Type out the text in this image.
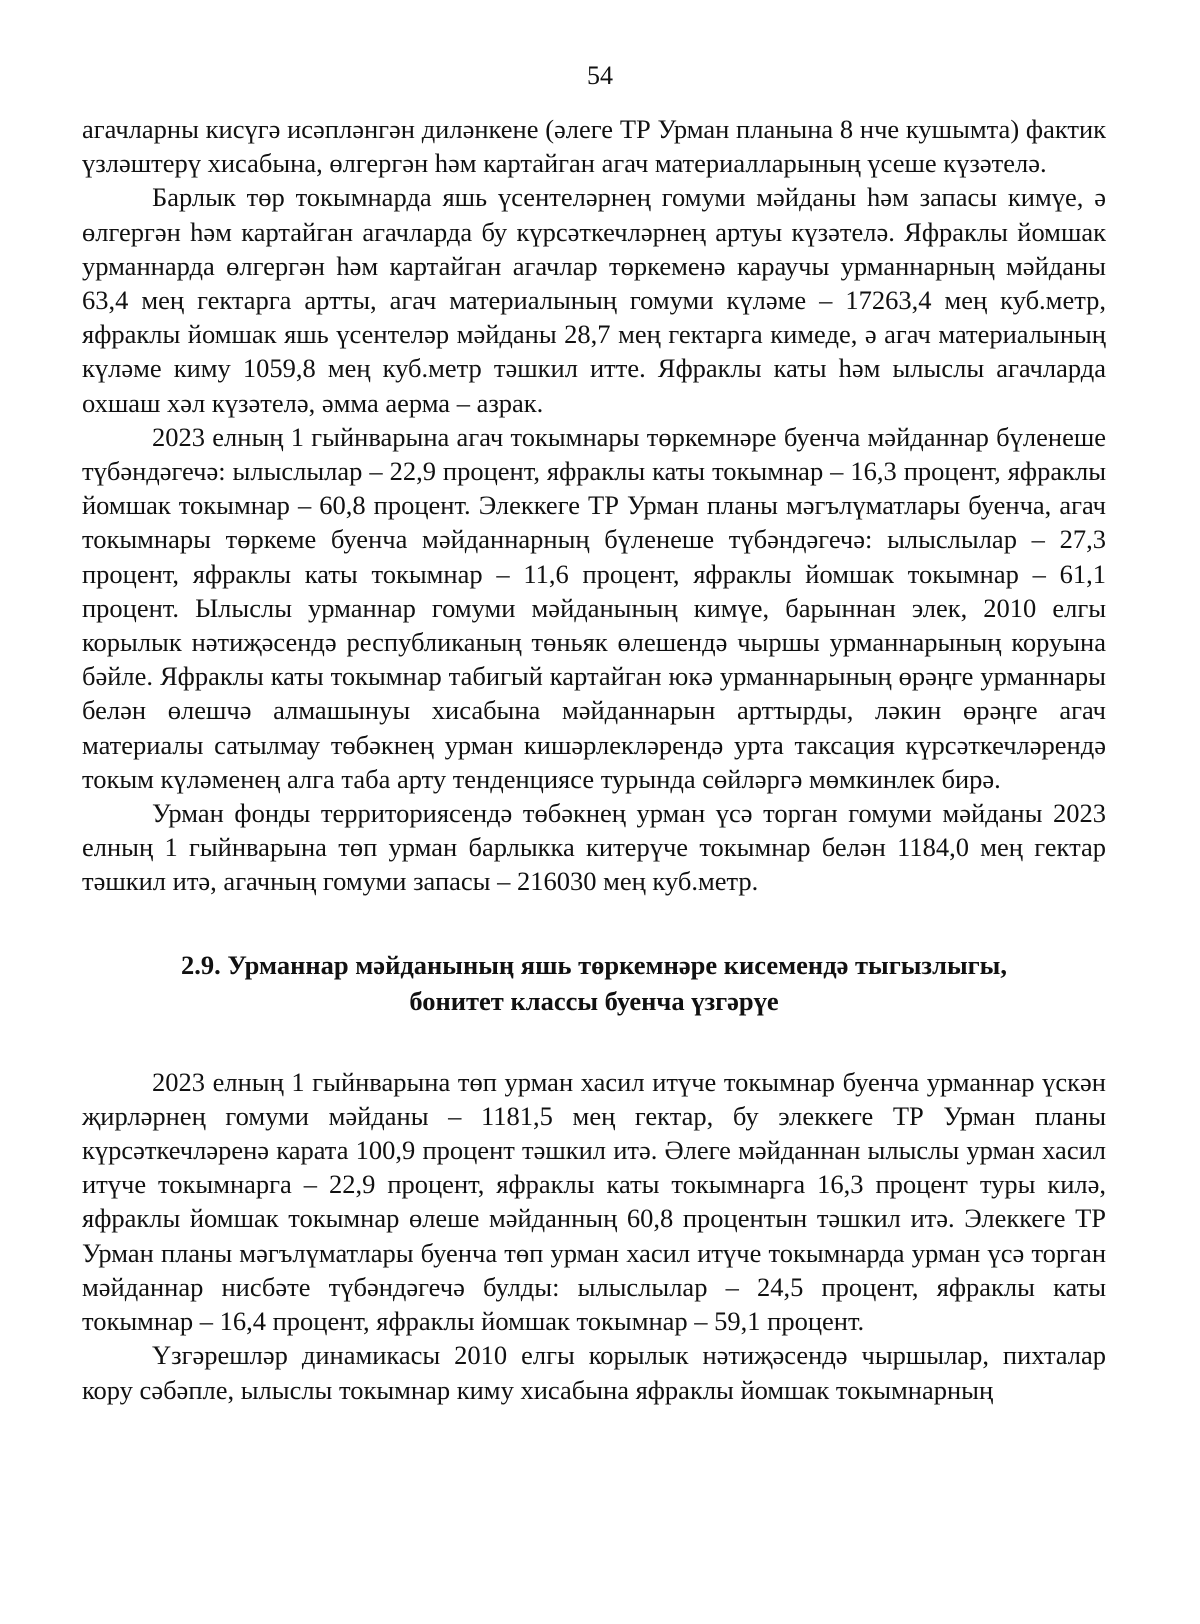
54

агачларны кисүгә исәпләнгән диләнкене (әлеге ТР Урман планына 8 нче кушымта) фактик үзләштерү хисабына, өлгергән һәм картайган агач материалларының үсеше күзәтелә.

Барлык төр токымнарда яшь үсентеләрнең гомуми мәйданы һәм запасы кимүе, ә өлгергән һәм картайган агачларда бу күрсәткечләрнең артуы күзәтелә. Яфраклы йомшак урманнарда өлгергән һәм картайган агачлар төркеменә караучы урманнарның мәйданы 63,4 мең гектарга артты, агач материалының гомуми күләме – 17263,4 мең куб.метр, яфраклы йомшак яшь үсентеләр мәйданы 28,7 мең гектарга кимеде, ә агач материалының күләме киму 1059,8 мең куб.метр тәшкил итте. Яфраклы каты һәм ылыслы агачларда охшаш хәл күзәтелә, әмма аерма – азрак.

2023 елның 1 гыйнварына агач токымнары төркемнәре буенча мәйданнар бүленеше түбәндәгечә: ылыслылар – 22,9 процент, яфраклы каты токымнар – 16,3 процент, яфраклы йомшак токымнар – 60,8 процент. Элеккеге ТР Урман планы мәгълүматлары буенча, агач токымнары төркеме буенча мәйданнарның бүленеше түбәндәгечә: ылыслылар – 27,3 процент, яфраклы каты токымнар – 11,6 процент, яфраклы йомшак токымнар – 61,1 процент. Ылыслы урманнар гомуми мәйданының кимүе, барыннан элек, 2010 елгы корылык нәтиҗәсендә республиканың төньяк өлешендә чыршы урманнарының коруына бәйле. Яфраклы каты токымнар табигый картайган юкә урманнарының өрәңге урманнары белән өлешчә алмашынуы хисабына мәйданнарын арттырды, ләкин өрәңге агач материалы сатылмау төбәкнең урман кишәрлекләрендә урта таксация күрсәткечләрендә токым күләменең алга таба арту тенденциясе турында сөйләргә мөмкинлек бирә.

Урман фонды территориясендә төбәкнең урман үсә торган гомуми мәйданы 2023 елның 1 гыйнварына төп урман барлыкка китерүче токымнар белән 1184,0 мең гектар тәшкил итә, агачның гомуми запасы – 216030 мең куб.метр.

2.9. Урманнар мәйданының яшь төркемнәре кисемендә тыгызлыгы,
бонитет классы буенча үзгәрүе

2023 елның 1 гыйнварына төп урман хасил итүче токымнар буенча урманнар үскән җирләрнең гомуми мәйданы – 1181,5 мең гектар, бу элеккеге ТР Урман планы күрсәткечләренә карата 100,9 процент тәшкил итә. Әлеге мәйданнан ылыслы урман хасил итүче токымнарга – 22,9 процент, яфраклы каты токымнарга 16,3 процент туры килә, яфраклы йомшак токымнар өлеше мәйданның 60,8 процентын тәшкил итә. Элеккеге ТР Урман планы мәгълүматлары буенча төп урман хасил итүче токымнарда урман үсә торган мәйданнар нисбәте түбәндәгечә булды: ылыслылар – 24,5 процент, яфраклы каты токымнар – 16,4 процент, яфраклы йомшак токымнар – 59,1 процент.

Үзгәрешләр динамикасы 2010 елгы корылык нәтиҗәсендә чыршылар, пихталар кору сәбәпле, ылыслы токымнар киму хисабына яфраклы йомшак токымнарның
